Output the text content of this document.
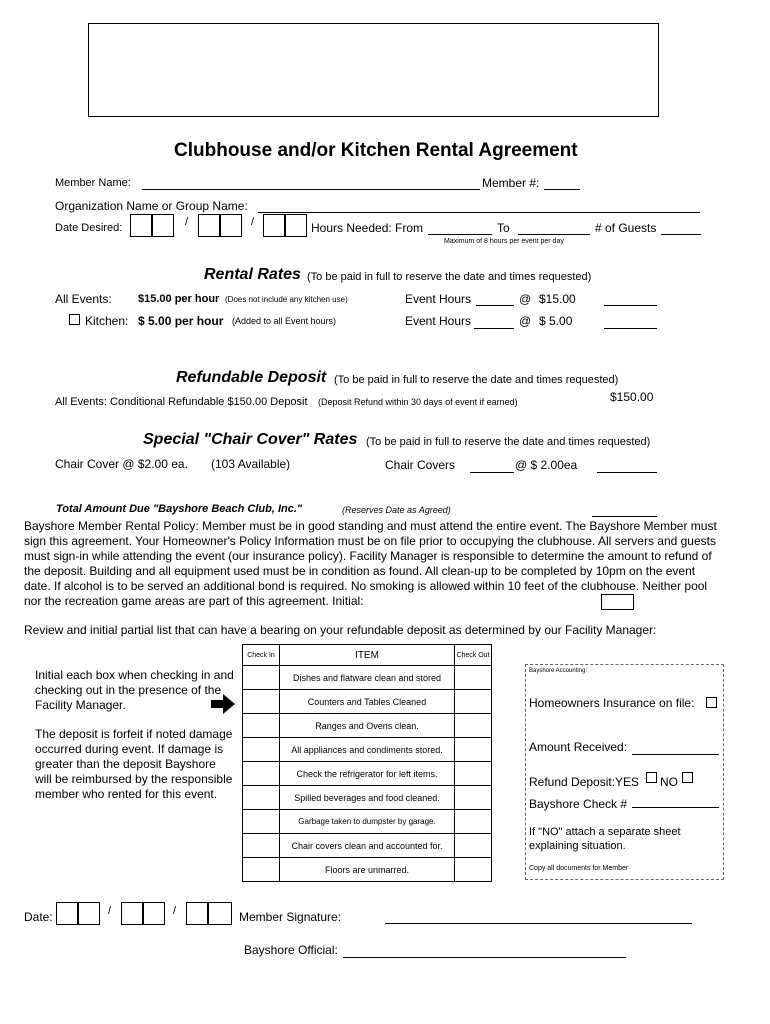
Clubhouse and/or Kitchen Rental Agreement
Member Name:	Member #:
Organization Name or Group Name:
Date Desired:	/	/	Hours Needed: From	To	# of Guests
Maximum of 8 hours per event per day
Rental Rates (To be paid in full to reserve the date and times requested)
All Events: $15.00 per hour (Does not include any kitchen use)	Event Hours	@ $15.00
Kitchen: $ 5.00 per hour (Added to all Event hours)	Event Hours	@ $ 5.00
Refundable Deposit (To be paid in full to reserve the date and times requested)
All Events: Conditional Refundable $150.00 Deposit (Deposit Refund within 30 days of event if earned)	$150.00
Special "Chair Cover" Rates (To be paid in full to reserve the date and times requested)
Chair Cover @ $2.00 ea. (103 Available)	Chair Covers	@ $ 2.00ea
Total Amount Due "Bayshore Beach Club, Inc."	(Reserves Date as Agreed)
Bayshore Member Rental Policy: Member must be in good standing and must attend the entire event. The Bayshore Member must sign this agreement. Your Homeowner's Policy Information must be on file prior to occupying the clubhouse. All servers and guests must sign-in while attending the event (our insurance policy). Facility Manager is responsible to determine the amount to refund of the deposit. Building and all equipment used must be in condition as found. All clean-up to be completed by 10pm on the event date. If alcohol is to be served an additional bond is required. No smoking is allowed within 10 feet of the clubhouse. Neither pool nor the recreation game areas are part of this agreement. Initial:
Review and initial partial list that can have a bearing on your refundable deposit as determined by our Facility Manager:
Initial each box when checking in and checking out in the presence of the Facility Manager.
The deposit is forfeit if noted damage occurred during event. If damage is greater than the deposit Bayshore will be reimbursed by the responsible member who rented for this event.
Check In	ITEM	Check Out
	Dishes and flatware clean and stored	
	Counters and Tables Cleaned	
	Ranges and Ovens clean.	
	All appliances and condiments stored.	
	Check the refrigerator for left items.	
	Spilled beverages and food cleaned.	
	Garbage taken to dumpster by garage.	
	Chair covers clean and accounted for.	
	Floors are unmarred.	
Bayshore Accounting:
Homeowners Insurance on file:
Amount Received:
Refund Deposit:YES NO
Bayshore Check #
If "NO" attach a separate sheet explaining situation.
Copy all documents for Member
Date:	/	/	Member Signature:
Bayshore Official:
